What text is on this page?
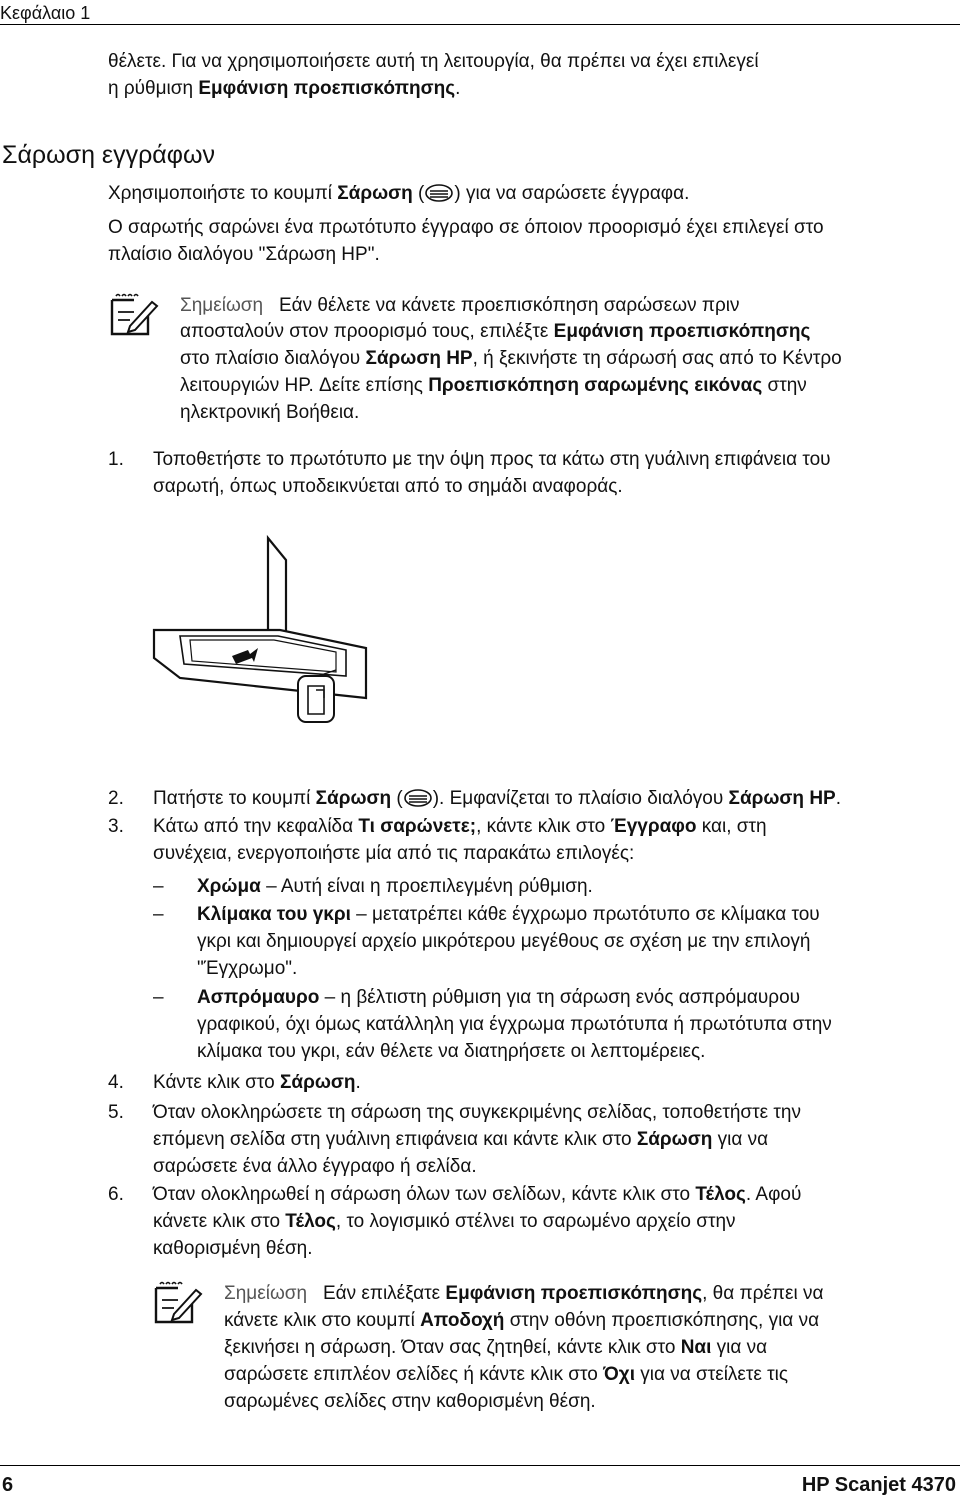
Κεφάλαιο 1
θέλετε. Για να χρησιμοποιήσετε αυτή τη λειτουργία, θα πρέπει να έχει επιλεγεί
η ρύθμιση Εμφάνιση προεπισκόπησης.
Σάρωση εγγράφων
Χρησιμοποιήστε το κουμπί Σάρωση ( ) για να σαρώσετε έγγραφα.
Ο σαρωτής σαρώνει ένα πρωτότυπο έγγραφο σε όποιον προορισμό έχει επιλεγεί στο
πλαίσιο διαλόγου "Σάρωση HP".
Σημείωση Εάν θέλετε να κάνετε προεπισκόπηση σαρώσεων πριν
αποσταλούν στον προορισμό τους, επιλέξτε Εμφάνιση προεπισκόπησης
στο πλαίσιο διαλόγου Σάρωση HP, ή ξεκινήστε τη σάρωσή σας από το Κέντρο
λειτουργιών HP. Δείτε επίσης Προεπισκόπηση σαρωμένης εικόνας στην
ηλεκτρονική Βοήθεια.
1.	Τοποθετήστε το πρωτότυπο με την όψη προς τα κάτω στη γυάλινη επιφάνεια του
σαρωτή, όπως υποδεικνύεται από το σημάδι αναφοράς.
2.	Πατήστε το κουμπί Σάρωση ( ). Εμφανίζεται το πλαίσιο διαλόγου Σάρωση HP.
3.	Κάτω από την κεφαλίδα Τι σαρώνετε;, κάντε κλικ στο Έγγραφο και, στη
συνέχεια, ενεργοποιήστε μία από τις παρακάτω επιλογές:
–	Χρώμα – Αυτή είναι η προεπιλεγμένη ρύθμιση.
–	Κλίμακα του γκρι – μετατρέπει κάθε έγχρωμο πρωτότυπο σε κλίμακα του
γκρι και δημιουργεί αρχείο μικρότερου μεγέθους σε σχέση με την επιλογή
"Έγχρωμο".
–	Ασπρόμαυρο – η βέλτιστη ρύθμιση για τη σάρωση ενός ασπρόμαυρου
γραφικού, όχι όμως κατάλληλη για έγχρωμα πρωτότυπα ή πρωτότυπα στην
κλίμακα του γκρι, εάν θέλετε να διατηρήσετε οι λεπτομέρειες.
4.	Κάντε κλικ στο Σάρωση.
5.	Όταν ολοκληρώσετε τη σάρωση της συγκεκριμένης σελίδας, τοποθετήστε την
επόμενη σελίδα στη γυάλινη επιφάνεια και κάντε κλικ στο Σάρωση για να
σαρώσετε ένα άλλο έγγραφο ή σελίδα.
6.	Όταν ολοκληρωθεί η σάρωση όλων των σελίδων, κάντε κλικ στο Τέλος. Αφού
κάνετε κλικ στο Τέλος, το λογισμικό στέλνει το σαρωμένο αρχείο στην
καθορισμένη θέση.
Σημείωση Εάν επιλέξατε Εμφάνιση προεπισκόπησης, θα πρέπει να
κάνετε κλικ στο κουμπί Αποδοχή στην οθόνη προεπισκόπησης, για να
ξεκινήσει η σάρωση. Όταν σας ζητηθεί, κάντε κλικ στο Ναι για να
σαρώσετε επιπλέον σελίδες ή κάντε κλικ στο Όχι για να στείλετε τις
σαρωμένες σελίδες στην καθορισμένη θέση.
6	HP Scanjet 4370
